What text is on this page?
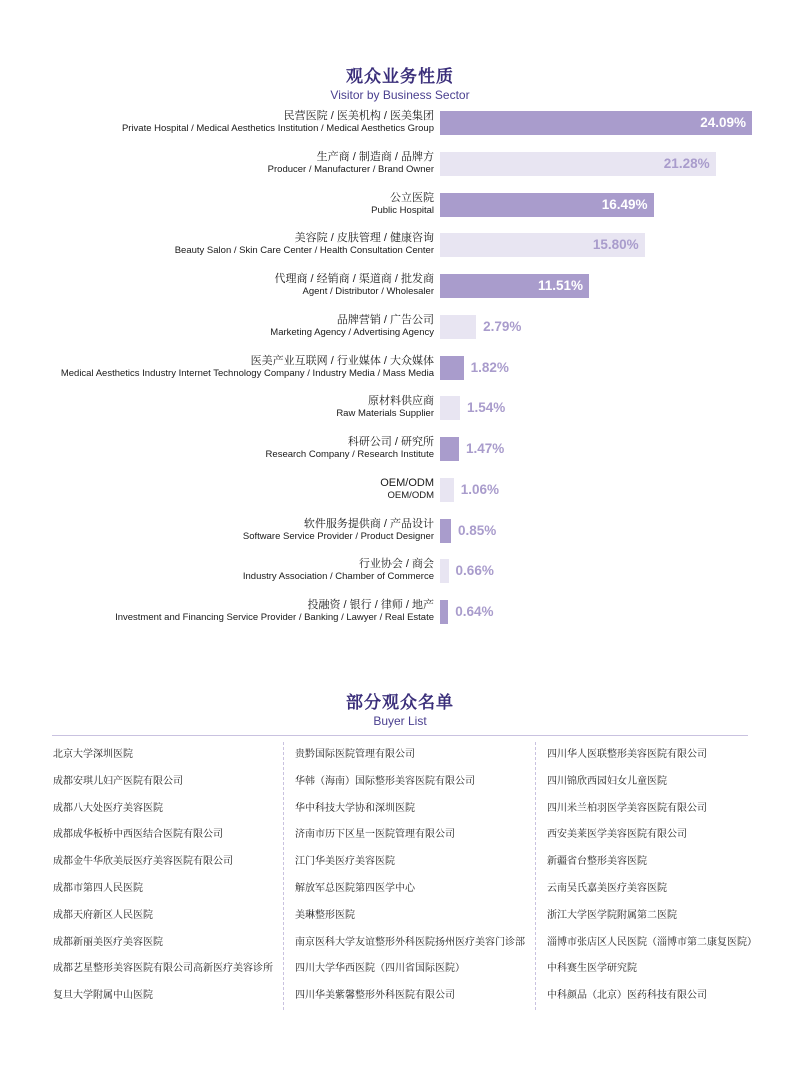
观众业务性质
Visitor by Business Sector
民营医院 / 医美机构 / 医美集团
Private Hospital / Medical Aesthetics Institution / Medical Aesthetics Group	24.09%
生产商 / 制造商 / 品牌方
Producer / Manufacturer / Brand Owner	21.28%
公立医院
Public Hospital	16.49%
美容院 / 皮肤管理 / 健康咨询
Beauty Salon / Skin Care Center / Health Consultation Center	15.80%
代理商 / 经销商 / 渠道商 / 批发商
Agent / Distributor / Wholesaler	11.51%
品牌营销 / 广告公司
Marketing Agency / Advertising Agency	2.79%
医美产业互联网 / 行业媒体 / 大众媒体
Medical Aesthetics Industry Internet Technology Company / Industry Media / Mass Media	1.82%
原材料供应商
Raw Materials Supplier 1.54%
科研公司 / 研究所
Research Company / Research Institute 1.47%
OEM/ODM
OEM/ODM 1.06%
软件服务提供商 / 产品设计
Software Service Provider / Product Designer 0.85%
行业协会 / 商会
Industry Association / Chamber of Commerce 0.66%
投融资 / 银行 / 律师 / 地产
Investment and Financing Service Provider / Banking / Lawyer / Real Estate 0.64%
部分观众名单
Buyer List
北京大学深圳医院
成都安琪儿妇产医院有限公司
成都八大处医疗美容医院
成都成华板桥中西医结合医院有限公司
成都金牛华欣美辰医疗美容医院有限公司
成都市第四人民医院
成都天府新区人民医院
成都新丽美医疗美容医院
成都艺星整形美容医院有限公司高新医疗美容诊所
复旦大学附属中山医院
贵黔国际医院管理有限公司
华韩（海南）国际整形美容医院有限公司
华中科技大学协和深圳医院
济南市历下区星一医院管理有限公司
江门华美医疗美容医院
解放军总医院第四医学中心
美琳整形医院
南京医科大学友谊整形外科医院扬州医疗美容门诊部
四川大学华西医院（四川省国际医院）
四川华美紫馨整形外科医院有限公司
四川华人医联整形美容医院有限公司
四川锦欣西园妇女儿童医院
四川米兰柏羽医学美容医院有限公司
西安美莱医学美容医院有限公司
新疆省台整形美容医院
云南吴氏嘉美医疗美容医院
浙江大学医学院附属第二医院
淄博市张店区人民医院（淄博市第二康复医院）
中科赛生医学研究院
中科颜品（北京）医药科技有限公司
